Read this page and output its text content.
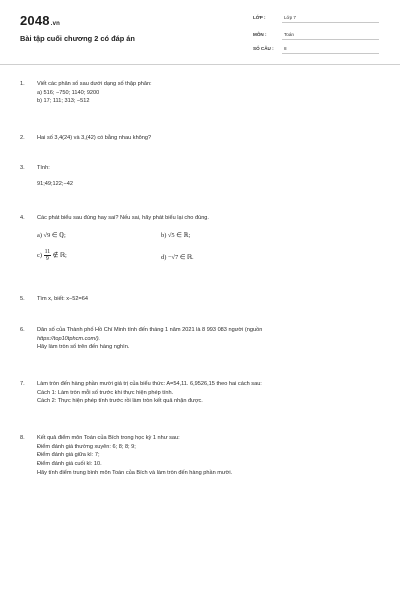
2048.vn
Bài tập cuối chương 2 có đáp án
LỚP :	Lớp 7
MÔN :	Toán
SỐ CÂU : 8
1. Viết các phân số sau dưới dạng số thập phân:
a) 516; −750; 1140; 9200
b) 17; 111; 313; −512
2. Hai số 3,4(24) và 3,(42) có bằng nhau không?
3. Tính:
91;49;122;−42
4. Các phát biểu sau đúng hay sai? Nếu sai, hãy phát biểu lại cho đúng.
a) √9 ∈ ℚ;	b) √5 ∈ ℝ;
$c) \frac{11}{9}$ ∉ ℝ;	d) −√7 ∈ ℝ.
5. Tìm x, biết: x−52=64
6. Dân số của Thành phố Hồ Chí Minh tính đến tháng 1 năm 2021 là 8 993 083 người (nguồn
https://top10tphcm.com/).
Hãy làm tròn số trên đến hàng nghìn.
7. Làm tròn đến hàng phần mười giá trị của biểu thức: A=54,11. 6,9526,15 theo hai cách sau:
Cách 1: Làm tròn mỗi số trước khi thực hiện phép tính.
Cách 2: Thực hiện phép tính trước rồi làm tròn kết quả nhận được.
8. Kết quả điểm môn Toán của Bích trong học kỳ 1 như sau:
Điểm đánh giá thường xuyên: 6; 8; 8; 9;
Điểm đánh giá giữa kì: 7;
Điểm đánh giá cuối kì: 10.
Hãy tính điểm trung bình môn Toán của Bích và làm tròn đến hàng phần mười.
